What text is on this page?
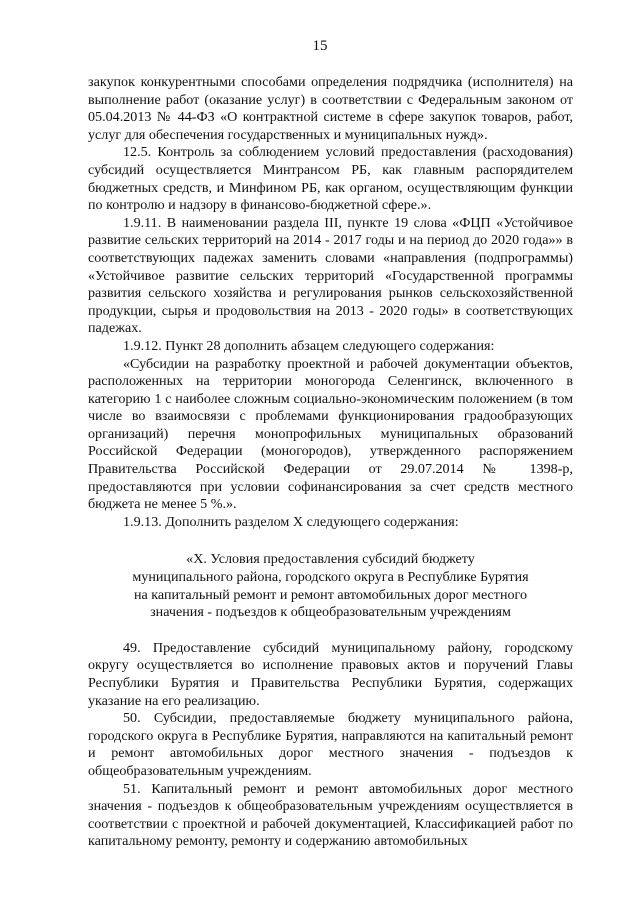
15

закупок конкурентными способами определения подрядчика (исполнителя) на выполнение работ (оказание услуг) в соответствии с Федеральным законом от 05.04.2013 № 44-ФЗ «О контрактной системе в сфере закупок товаров, работ, услуг для обеспечения государственных и муниципальных нужд».

12.5. Контроль за соблюдением условий предоставления (расходования) субсидий осуществляется Минтрансом РБ, как главным распорядителем бюджетных средств, и Минфином РБ, как органом, осуществляющим функции по контролю и надзору в финансово-бюджетной сфере.».

1.9.11. В наименовании раздела III, пункте 19 слова «ФЦП «Устойчивое развитие сельских территорий на 2014 - 2017 годы и на период до 2020 года»» в соответствующих падежах заменить словами «направления (подпрограммы) «Устойчивое развитие сельских территорий «Государственной программы развития сельского хозяйства и регулирования рынков сельскохозяйственной продукции, сырья и продовольствия на 2013 - 2020 годы» в соответствующих падежах.

1.9.12. Пункт 28 дополнить абзацем следующего содержания:

«Субсидии на разработку проектной и рабочей документации объектов, расположенных на территории моногорода Селенгинск, включенного в категорию 1 с наиболее сложным социально-экономическим положением (в том числе во взаимосвязи с проблемами функционирования градообразующих организаций) перечня монопрофильных муниципальных образований Российской Федерации (моногородов), утвержденного распоряжением Правительства Российской Федерации от 29.07.2014 № 1398-р, предоставляются при условии софинансирования за счет средств местного бюджета не менее 5 %.».

1.9.13. Дополнить разделом X следующего содержания:

«X. Условия предоставления субсидий бюджету
муниципального района, городского округа в Республике Бурятия
на капитальный ремонт и ремонт автомобильных дорог местного
значения - подъездов к общеобразовательным учреждениям

49. Предоставление субсидий муниципальному району, городскому округу осуществляется во исполнение правовых актов и поручений Главы Республики Бурятия и Правительства Республики Бурятия, содержащих указание на его реализацию.

50. Субсидии, предоставляемые бюджету муниципального района, городского округа в Республике Бурятия, направляются на капитальный ремонт и ремонт автомобильных дорог местного значения - подъездов к общеобразовательным учреждениям.

51. Капитальный ремонт и ремонт автомобильных дорог местного значения - подъездов к общеобразовательным учреждениям осуществляется в соответствии с проектной и рабочей документацией, Классификацией работ по капитальному ремонту, ремонту и содержанию автомобильных
